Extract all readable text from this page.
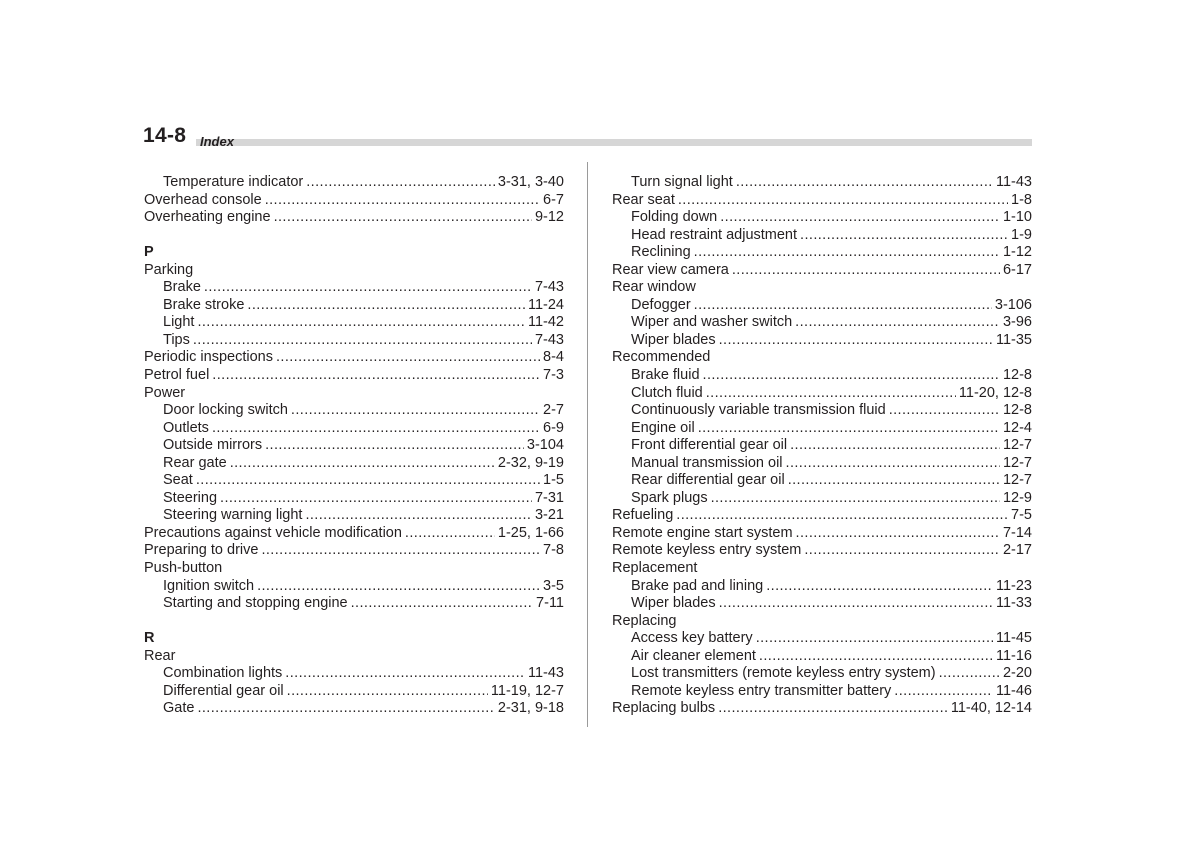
14-8 Index
Temperature indicator .....	3-31, 3-40
Overhead console .....	6-7
Overheating engine .....	9-12
P
Parking
Brake .....	7-43
Brake stroke .....	11-24
Light .....	11-42
Tips .....	7-43
Periodic inspections .....	8-4
Petrol fuel .....	7-3
Power
Door locking switch .....	2-7
Outlets .....	6-9
Outside mirrors .....	3-104
Rear gate .....	2-32, 9-19
Seat .....	1-5
Steering .....	7-31
Steering warning light .....	3-21
Precautions against vehicle modification .....	1-25, 1-66
Preparing to drive .....	7-8
Push-button
Ignition switch .....	3-5
Starting and stopping engine .....	7-11
R
Rear
Combination lights .....	11-43
Differential gear oil .....	11-19, 12-7
Gate .....	2-31, 9-18
Turn signal light .....	11-43
Rear seat .....	1-8
Folding down .....	1-10
Head restraint adjustment .....	1-9
Reclining .....	1-12
Rear view camera .....	6-17
Rear window
Defogger .....	3-106
Wiper and washer switch .....	3-96
Wiper blades .....	11-35
Recommended
Brake fluid .....	12-8
Clutch fluid .....	11-20, 12-8
Continuously variable transmission fluid .....	12-8
Engine oil .....	12-4
Front differential gear oil .....	12-7
Manual transmission oil .....	12-7
Rear differential gear oil .....	12-7
Spark plugs .....	12-9
Refueling .....	7-5
Remote engine start system .....	7-14
Remote keyless entry system .....	2-17
Replacement
Brake pad and lining .....	11-23
Wiper blades .....	11-33
Replacing
Access key battery .....	11-45
Air cleaner element .....	11-16
Lost transmitters (remote keyless entry system) .....	2-20
Remote keyless entry transmitter battery .....	11-46
Replacing bulbs .....	11-40, 12-14
